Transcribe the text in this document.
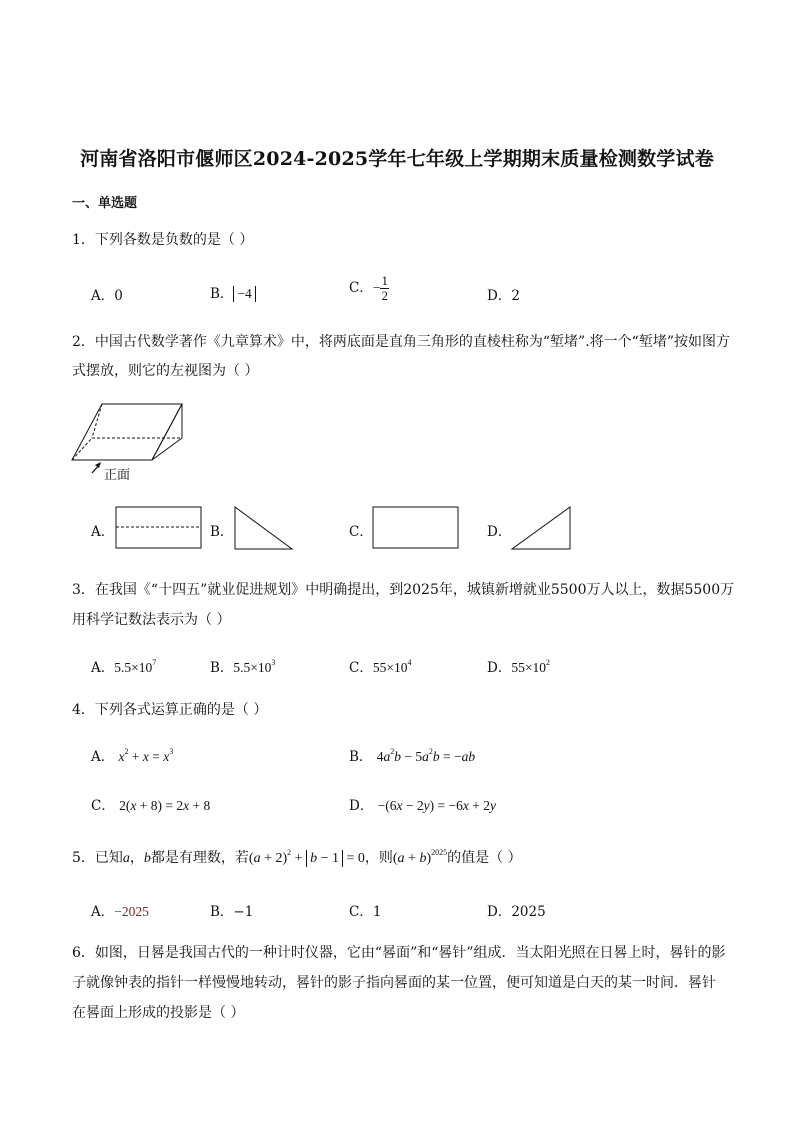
河南省洛阳市偃师区2024-2025学年七年级上学期期末质量检测数学试卷
一、单选题
1．下列各数是负数的是（ ）
A．0	B． −4	C．− $\frac{1}{2}$	D．2
2．中国古代数学著作《九章算术》中，将两底面是直角三角形的直棱柱称为“堑堵”.将一个“堑堵”按如图方
式摆放，则它的左视图为（ ）
正面
A．	B．	C．	D．
3．在我国《“十四五”就业促进规划》中明确提出，到2025年，城镇新增就业5500万人以上，数据5500万
用科学记数法表示为（ ）
A．$5.5\times 10^7$	B．$5.5\times 10^3$	C．$55\times 10^4$	D．$55\times 10^2$
4．下列各式运算正确的是（ ）
A． $x^2 + x = x^3$	B． $4a^2b - 5a^2b = -ab$
C． 2(x + 8) = 2x + 8	D． −(6x − 2y) = −6x + 2y
5．已知a，b都是有理数，若$(a + 2)^2 + b - 1 = 0$，则$(a + b)^{2025}$的值是（ ）
A．−2025	B．−1	C．1	D．2025
6．如图，日晷是我国古代的一种计时仪器，它由“晷面”和“晷针”组成．当太阳光照在日晷上时，晷针的影
子就像钟表的指针一样慢慢地转动，晷针的影子指向晷面的某一位置，便可知道是白天的某一时间．晷针
在晷面上形成的投影是（ ）
